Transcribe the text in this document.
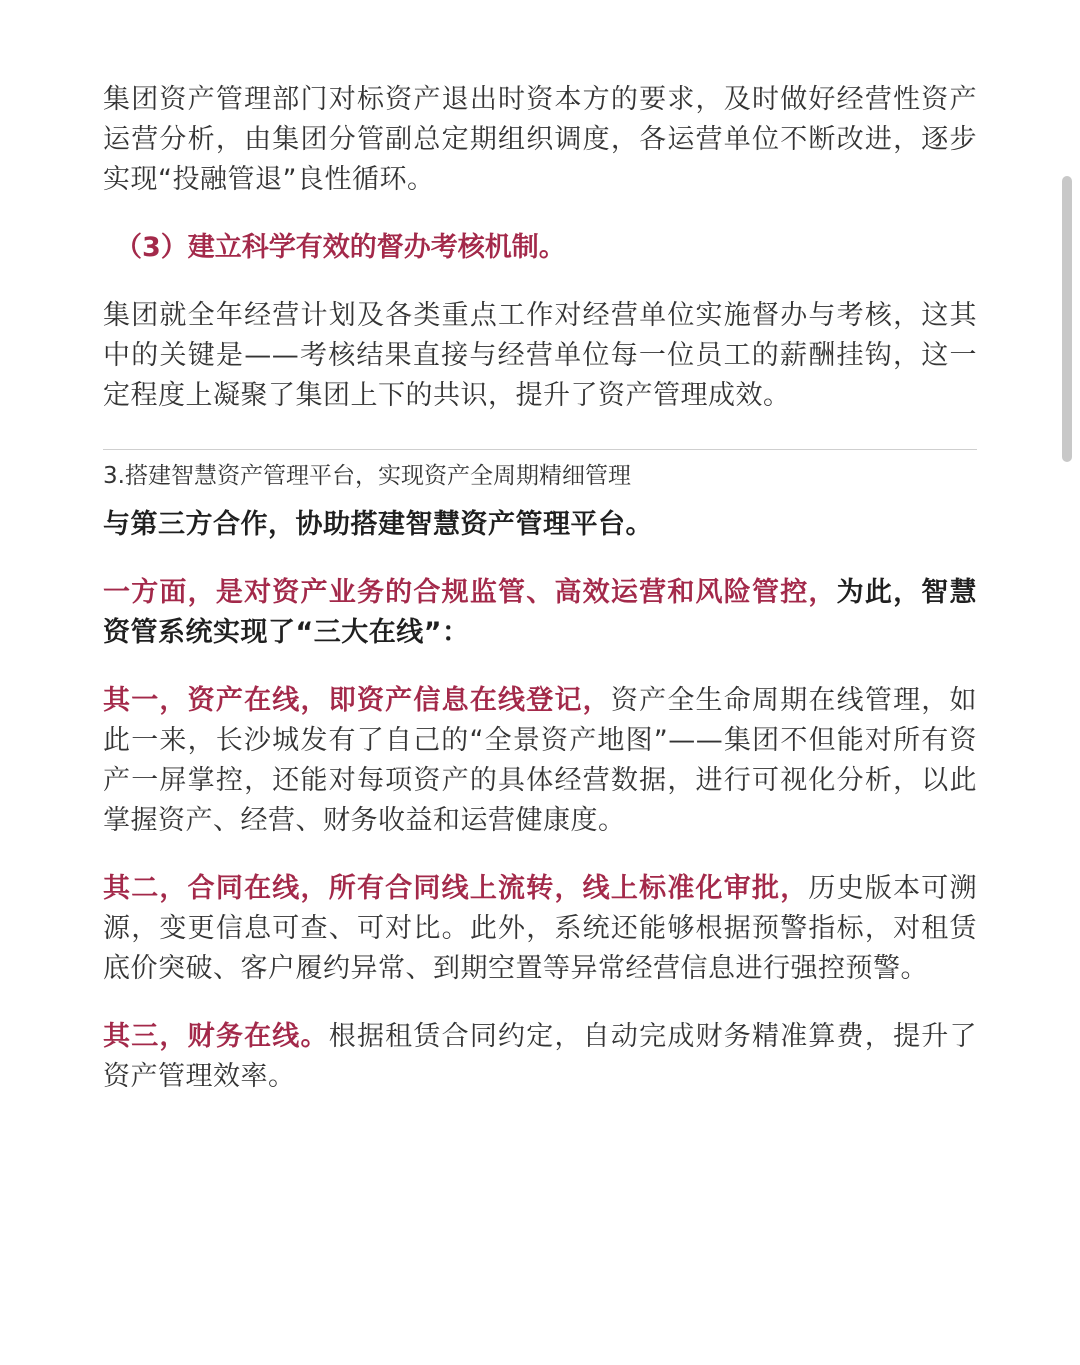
集团资产管理部门对标资产退出时资本方的要求，及时做好经营性资产运营分析，由集团分管副总定期组织调度，各运营单位不断改进，逐步实现“投融管退”良性循环。

（3）建立科学有效的督办考核机制。

集团就全年经营计划及各类重点工作对经营单位实施督办与考核，这其中的关键是——考核结果直接与经营单位每一位员工的薪酬挂钩，这一定程度上凝聚了集团上下的共识，提升了资产管理成效。

3.搭建智慧资产管理平台，实现资产全周期精细管理

与第三方合作，协助搭建智慧资产管理平台。

一方面，是对资产业务的合规监管、高效运营和风险管控，为此，智慧资管系统实现了“三大在线”：

其一，资产在线，即资产信息在线登记，资产全生命周期在线管理，如此一来，长沙城发有了自己的“全景资产地图”——集团不但能对所有资产一屏掌控，还能对每项资产的具体经营数据，进行可视化分析，以此掌握资产、经营、财务收益和运营健康度。

其二，合同在线，所有合同线上流转，线上标准化审批，历史版本可溯源，变更信息可查、可对比。此外，系统还能够根据预警指标，对租赁底价突破、客户履约异常、到期空置等异常经营信息进行强控预警。

其三，财务在线。根据租赁合同约定，自动完成财务精准算费，提升了资产管理效率。
